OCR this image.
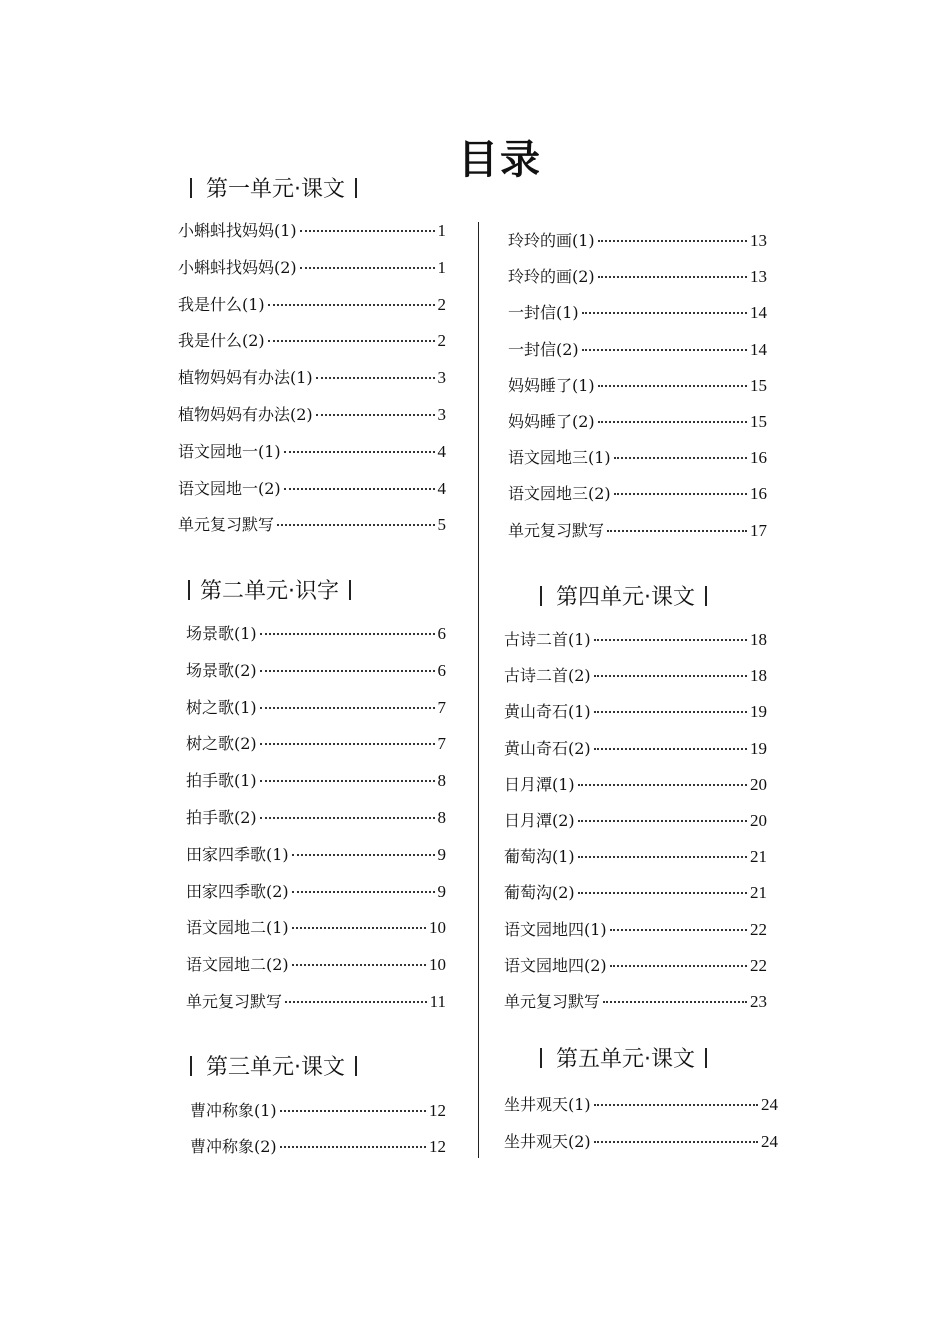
目录
第一单元·课文
小蝌蚪找妈妈(1)	1
小蝌蚪找妈妈(2)	1
我是什么(1)	2
我是什么(2)	2
植物妈妈有办法(1)	3
植物妈妈有办法(2)	3
语文园地一(1)	4
语文园地一(2)	4
单元复习默写	5
第二单元·识字
场景歌(1)	6
场景歌(2)	6
树之歌(1)	7
树之歌(2)	7
拍手歌(1)	8
拍手歌(2)	8
田家四季歌(1)	9
田家四季歌(2)	9
语文园地二(1)	10
语文园地二(2)	10
单元复习默写	11
第三单元·课文
曹冲称象(1)	12
曹冲称象(2)	12
玲玲的画(1)	13
玲玲的画(2)	13
一封信(1)	14
一封信(2)	14
妈妈睡了(1)	15
妈妈睡了(2)	15
语文园地三(1)	16
语文园地三(2)	16
单元复习默写	17
第四单元·课文
古诗二首(1)	18
古诗二首(2)	18
黄山奇石(1)	19
黄山奇石(2)	19
日月潭(1)	20
日月潭(2)	20
葡萄沟(1)	21
葡萄沟(2)	21
语文园地四(1)	22
语文园地四(2)	22
单元复习默写	23
第五单元·课文
坐井观天(1)	24
坐井观天(2)	24
